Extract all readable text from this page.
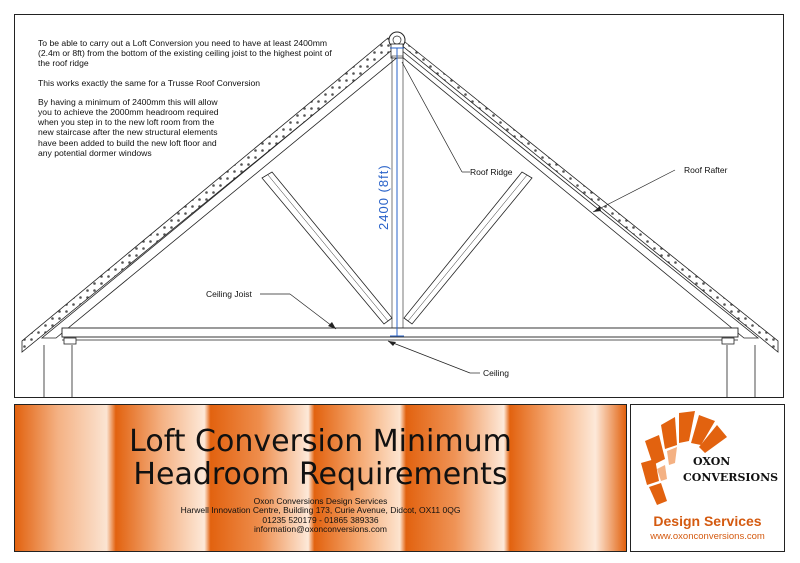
2400 (8ft)	Roof Ridge	Roof Rafter
Ceiling Joist
Ceiling

To be able to carry out a Loft Conversion you need to have at least 2400mm (2.4m or 8ft) from the bottom of the existing ceiling joist to the highest point of the roof ridge

This works exactly the same for a Trusse Roof Conversion

By having a minimum of 2400mm this will allow you to achieve the 2000mm headroom required when you step in to the new loft room from the new staircase after the new structural elements have been added to build the new loft floor and any potential dormer windows

Loft Conversion Minimum
Headroom Requirements
Oxon Conversions Design Services
Harwell Innovation Centre, Building 173, Curie Avenue, Didcot, OX11 0QG
01235 520179 - 01865 389336
information@oxonconversions.com
OXON
CONVERSIONS
Design Services
www.oxonconversions.com
